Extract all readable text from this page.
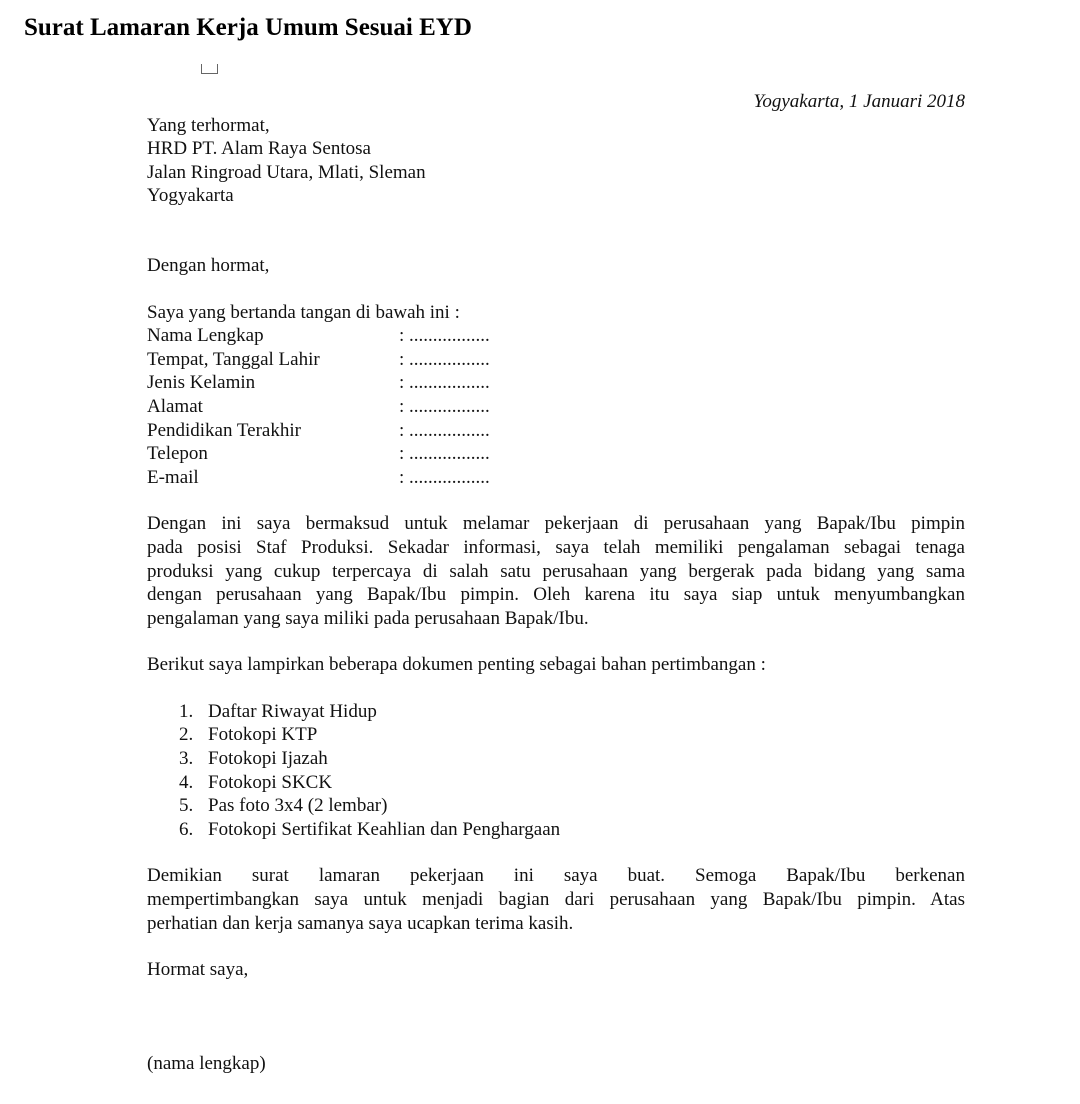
Surat Lamaran Kerja Umum Sesuai EYD

Yogyakarta, 1 Januari 2018

Yang terhormat,

HRD PT. Alam Raya Sentosa

Jalan Ringroad Utara, Mlati, Sleman

Yogyakarta

Dengan hormat,

Saya yang bertanda tangan di bawah ini :

Nama Lengkap	: .................
Tempat, Tanggal Lahir	: .................
Jenis Kelamin	: .................
Alamat	: .................
Pendidikan Terakhir	: .................
Telepon	: .................
E-mail	: .................

Dengan ini saya bermaksud untuk melamar pekerjaan di perusahaan yang Bapak/Ibu pimpin

pada posisi Staf Produksi. Sekadar informasi, saya telah memiliki pengalaman sebagai tenaga

produksi yang cukup terpercaya di salah satu perusahaan yang bergerak pada bidang yang sama

dengan perusahaan yang Bapak/Ibu pimpin. Oleh karena itu saya siap untuk menyumbangkan

pengalaman yang saya miliki pada perusahaan Bapak/Ibu.

Berikut saya lampirkan beberapa dokumen penting sebagai bahan pertimbangan :

1. Daftar Riwayat Hidup
2. Fotokopi KTP
3. Fotokopi Ijazah
4. Fotokopi SKCK
5. Pas foto 3x4 (2 lembar)
6. Fotokopi Sertifikat Keahlian dan Penghargaan

Demikian surat lamaran pekerjaan ini saya buat. Semoga Bapak/Ibu berkenan

mempertimbangkan saya untuk menjadi bagian dari perusahaan yang Bapak/Ibu pimpin. Atas

perhatian dan kerja samanya saya ucapkan terima kasih.

Hormat saya,

(nama lengkap)
